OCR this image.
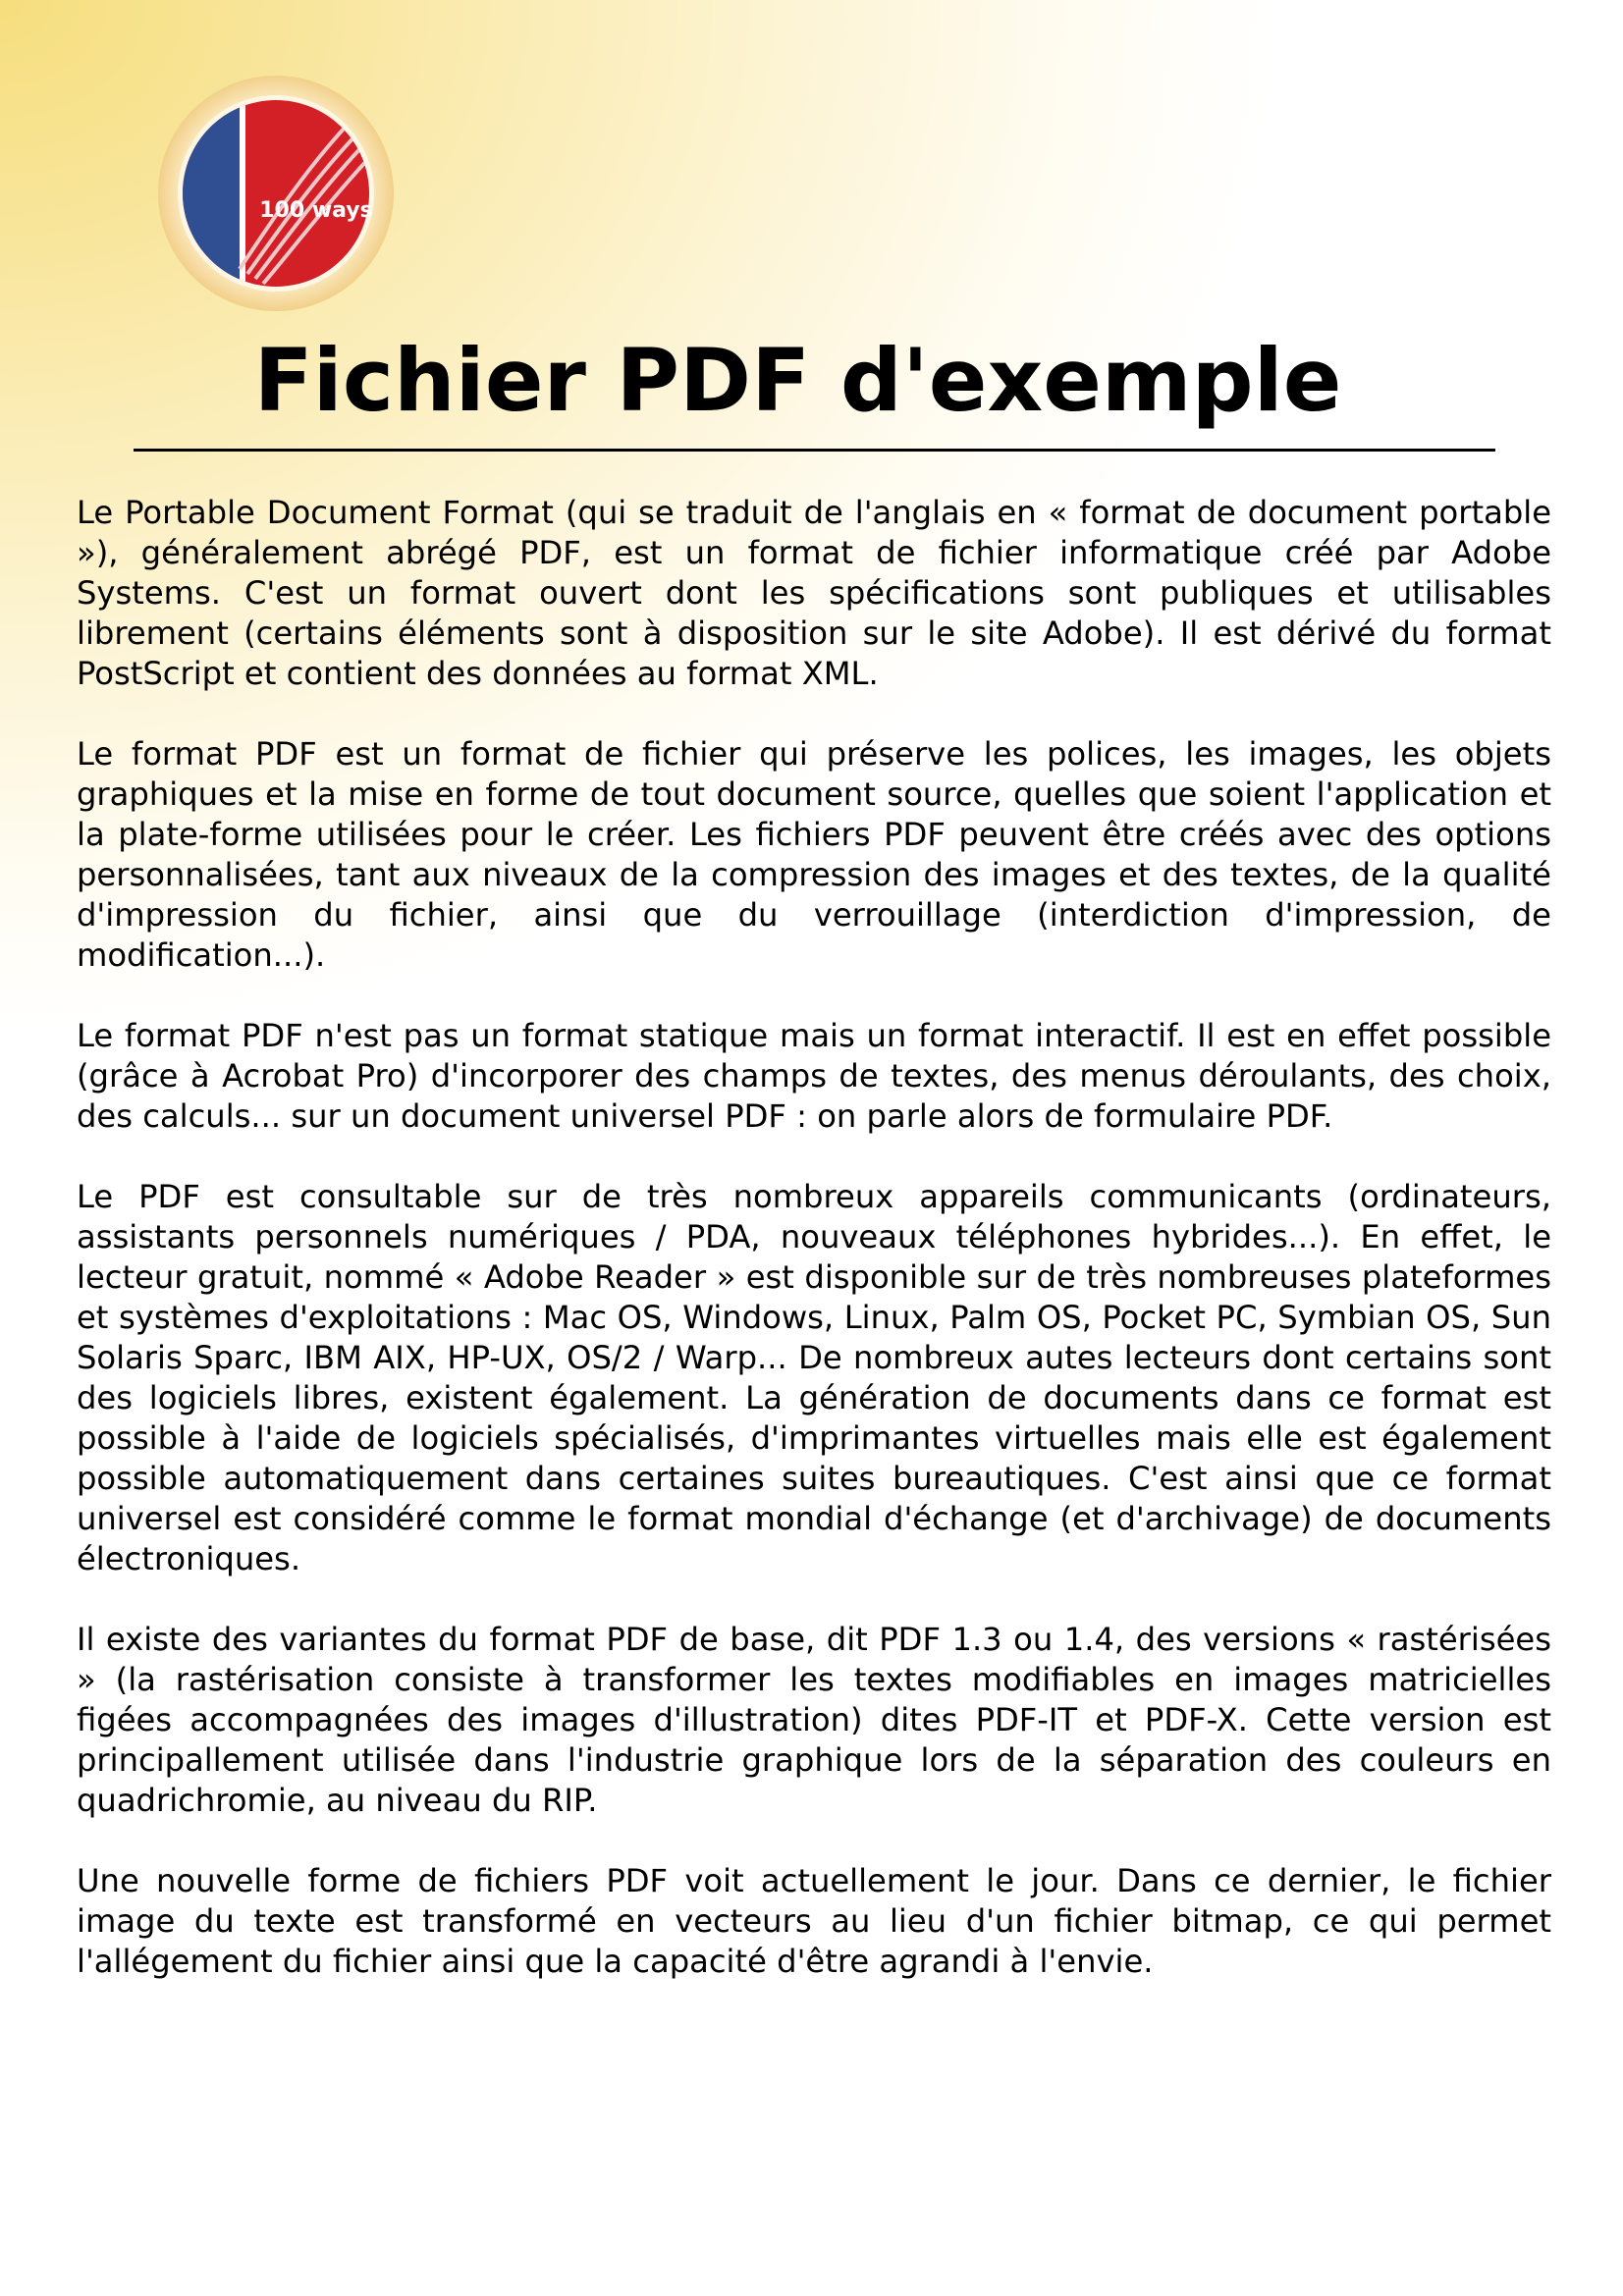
100 ways
Fichier PDF d'exemple

Le Portable Document Format (qui se traduit de l'anglais en « format de document portable »), généralement abrégé PDF, est un format de fichier informatique créé par Adobe Systems. C'est un format ouvert dont les spécifications sont publiques et utilisables librement (certains éléments sont à disposition sur le site Adobe). Il est dérivé du format PostScript et contient des données au format XML.

Le format PDF est un format de fichier qui préserve les polices, les images, les objets graphiques et la mise en forme de tout document source, quelles que soient l'application et la plate-forme utilisées pour le créer. Les fichiers PDF peuvent être créés avec des options personnalisées, tant aux niveaux de la compression des images et des textes, de la qualité d'impression du fichier, ainsi que du verrouillage (interdiction d'impression, de modification...).

Le format PDF n'est pas un format statique mais un format interactif. Il est en effet possible (grâce à Acrobat Pro) d'incorporer des champs de textes, des menus déroulants, des choix, des calculs... sur un document universel PDF : on parle alors de formulaire PDF.

Le PDF est consultable sur de très nombreux appareils communicants (ordinateurs, assistants personnels numériques / PDA, nouveaux téléphones hybrides...). En effet, le lecteur gratuit, nommé « Adobe Reader » est disponible sur de très nombreuses plateformes et systèmes d'exploitations : Mac OS, Windows, Linux, Palm OS, Pocket PC, Symbian OS, Sun Solaris Sparc, IBM AIX, HP-UX, OS/2 / Warp... De nombreux autes lecteurs dont certains sont des logiciels libres, existent également. La génération de documents dans ce format est possible à l'aide de logiciels spécialisés, d'imprimantes virtuelles mais elle est également possible automatiquement dans certaines suites bureautiques. C'est ainsi que ce format universel est considéré comme le format mondial d'échange (et d'archivage) de documents électroniques.

Il existe des variantes du format PDF de base, dit PDF 1.3 ou 1.4, des versions « rastérisées » (la rastérisation consiste à transformer les textes modifiables en images matricielles figées accompagnées des images d'illustration) dites PDF-IT et PDF-X. Cette version est principallement utilisée dans l'industrie graphique lors de la séparation des couleurs en quadrichromie, au niveau du RIP.

Une nouvelle forme de fichiers PDF voit actuellement le jour. Dans ce dernier, le fichier image du texte est transformé en vecteurs au lieu d'un fichier bitmap, ce qui permet l'allégement du fichier ainsi que la capacité d'être agrandi à l'envie.
